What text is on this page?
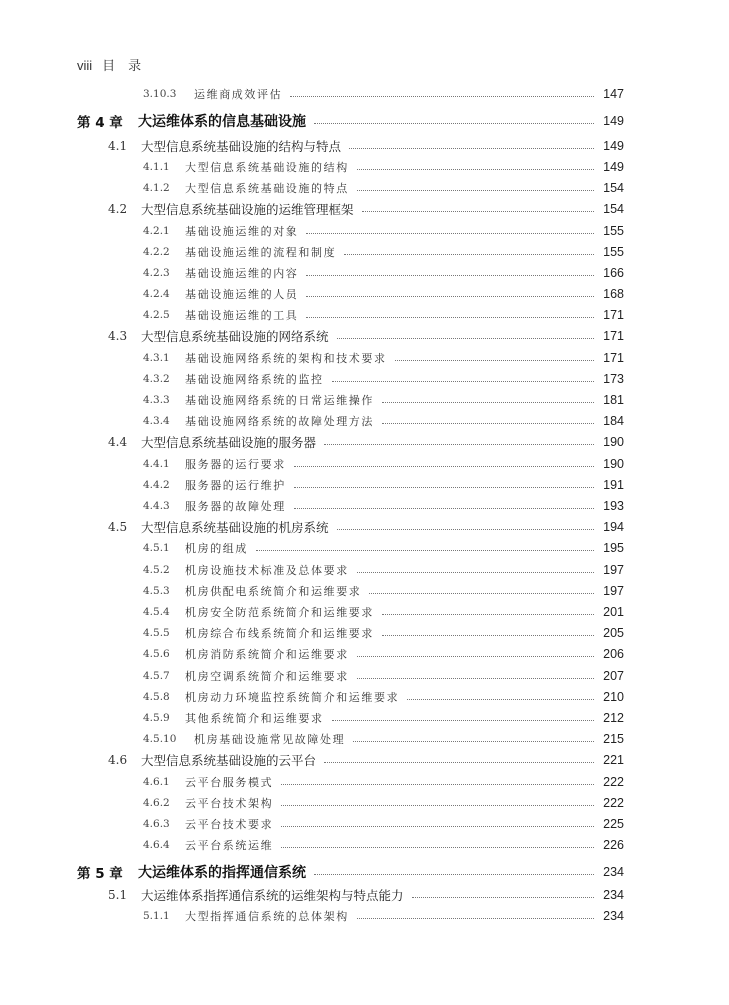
viii 目　录
3.10.3 运维商成效评估	147
第 4 章 大运维体系的信息基础设施	149
4.1 大型信息系统基础设施的结构与特点	149
4.1.1 大型信息系统基础设施的结构	149
4.1.2 大型信息系统基础设施的特点	154
4.2 大型信息系统基础设施的运维管理框架	154
4.2.1 基础设施运维的对象	155
4.2.2 基础设施运维的流程和制度	155
4.2.3 基础设施运维的内容	166
4.2.4 基础设施运维的人员	168
4.2.5 基础设施运维的工具	171
4.3 大型信息系统基础设施的网络系统	171
4.3.1 基础设施网络系统的架构和技术要求	171
4.3.2 基础设施网络系统的监控	173
4.3.3 基础设施网络系统的日常运维操作	181
4.3.4 基础设施网络系统的故障处理方法	184
4.4 大型信息系统基础设施的服务器	190
4.4.1 服务器的运行要求	190
4.4.2 服务器的运行维护	191
4.4.3 服务器的故障处理	193
4.5 大型信息系统基础设施的机房系统	194
4.5.1 机房的组成	195
4.5.2 机房设施技术标准及总体要求	197
4.5.3 机房供配电系统简介和运维要求	197
4.5.4 机房安全防范系统简介和运维要求	201
4.5.5 机房综合布线系统简介和运维要求	205
4.5.6 机房消防系统简介和运维要求	206
4.5.7 机房空调系统简介和运维要求	207
4.5.8 机房动力环境监控系统简介和运维要求	210
4.5.9 其他系统简介和运维要求	212
4.5.10 机房基础设施常见故障处理	215
4.6 大型信息系统基础设施的云平台	221
4.6.1 云平台服务模式	222
4.6.2 云平台技术架构	222
4.6.3 云平台技术要求	225
4.6.4 云平台系统运维	226
第 5 章 大运维体系的指挥通信系统	234
5.1 大运维体系指挥通信系统的运维架构与特点能力	234
5.1.1 大型指挥通信系统的总体架构	234
